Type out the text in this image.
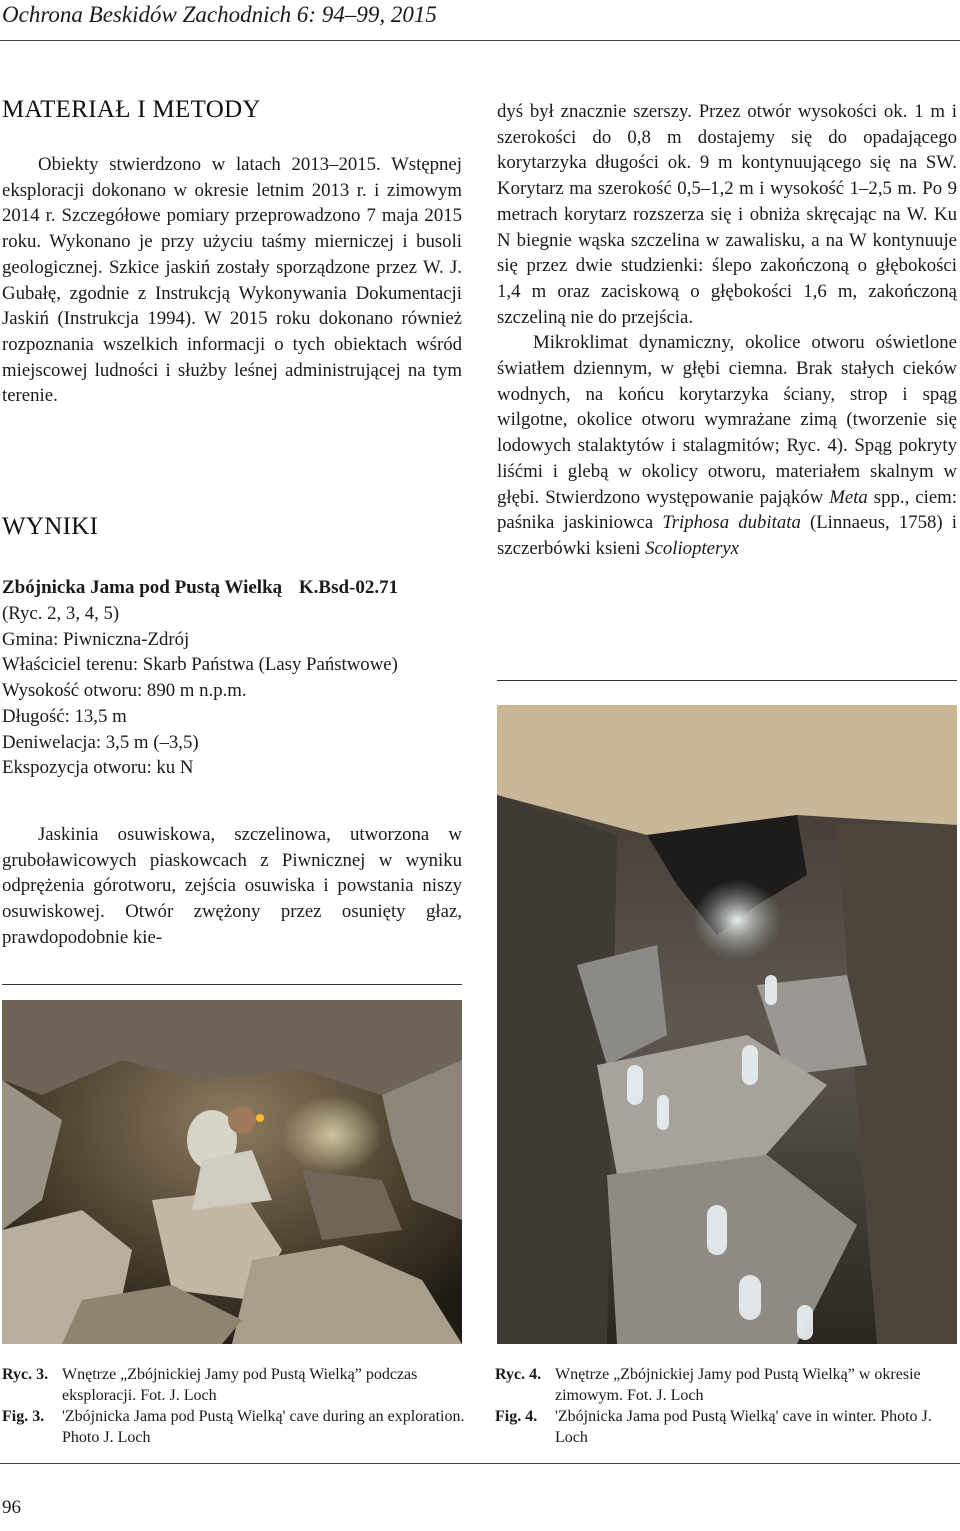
Ochrona Beskidów Zachodnich 6: 94–99, 2015
MATERIAŁ I METODY

Obiekty stwierdzono w latach 2013–2015. Wstępnej eksploracji dokonano w okresie letnim 2013 r. i zimowym 2014 r. Szczegółowe pomiary przeprowadzono 7 maja 2015 roku. Wykonano je przy użyciu taśmy mierniczej i busoli geologicznej. Szkice jaskiń zostały sporządzone przez W. J. Gubałę, zgodnie z Instrukcją Wykonywania Dokumentacji Jaskiń (Instrukcja 1994). W 2015 roku dokonano również rozpoznania wszelkich informacji o tych obiektach wśród miejscowej ludności i służby leśnej administrującej na tym terenie.

WYNIKI
Zbójnicka Jama pod Pustą Wielką K.Bsd-02.71
(Ryc. 2, 3, 4, 5)
Gmina: Piwniczna-Zdrój
Właściciel terenu: Skarb Państwa (Lasy Państwowe)
Wysokość otworu: 890 m n.p.m.
Długość: 13,5 m
Deniwelacja: 3,5 m (–3,5)
Ekspozycja otworu: ku N

Jaskinia osuwiskowa, szczelinowa, utworzona w gruboławicowych piaskowcach z Piwnicznej w wyniku odprężenia górotworu, zejścia osuwiska i powstania niszy osuwiskowej. Otwór zwężony przez osunięty głaz, prawdopodobnie kie-

dyś był znacznie szerszy. Przez otwór wysokości ok. 1 m i szerokości do 0,8 m dostajemy się do opadającego korytarzyka długości ok. 9 m kontynuującego się na SW. Korytarz ma szerokość 0,5–1,2 m i wysokość 1–2,5 m. Po 9 metrach korytarz rozszerza się i obniża skręcając na W. Ku N biegnie wąska szczelina w zawalisku, a na W kontynuuje się przez dwie studzienki: ślepo zakończoną o głębokości 1,4 m oraz zaciskową o głębokości 1,6 m, zakończoną szczeliną nie do przejścia.

Mikroklimat dynamiczny, okolice otworu oświetlone światłem dziennym, w głębi ciemna. Brak stałych cieków wodnych, na końcu korytarzyka ściany, strop i spąg wilgotne, okolice otworu wymrażane zimą (tworzenie się lodowych stalaktytów i stalagmitów; Ryc. 4). Spąg pokryty liśćmi i glebą w okolicy otworu, materiałem skalnym w głębi. Stwierdzono występowanie pająków Meta spp., ciem: paśnika jaskiniowca Triphosa dubitata (Linnaeus, 1758) i szczerbówki ksieni Scoliopteryx

Ryc. 3. Wnętrze „Zbójnickiej Jamy pod Pustą Wielką” podczas eksploracji. Fot. J. Loch
Fig. 3.	'Zbójnicka Jama pod Pustą Wielką' cave during an exploration. Photo J. Loch
Ryc. 4. Wnętrze „Zbójnickiej Jamy pod Pustą Wielką” w okresie zimowym. Fot. J. Loch
Fig. 4.	'Zbójnicka Jama pod Pustą Wielką' cave in winter. Photo J. Loch
96
